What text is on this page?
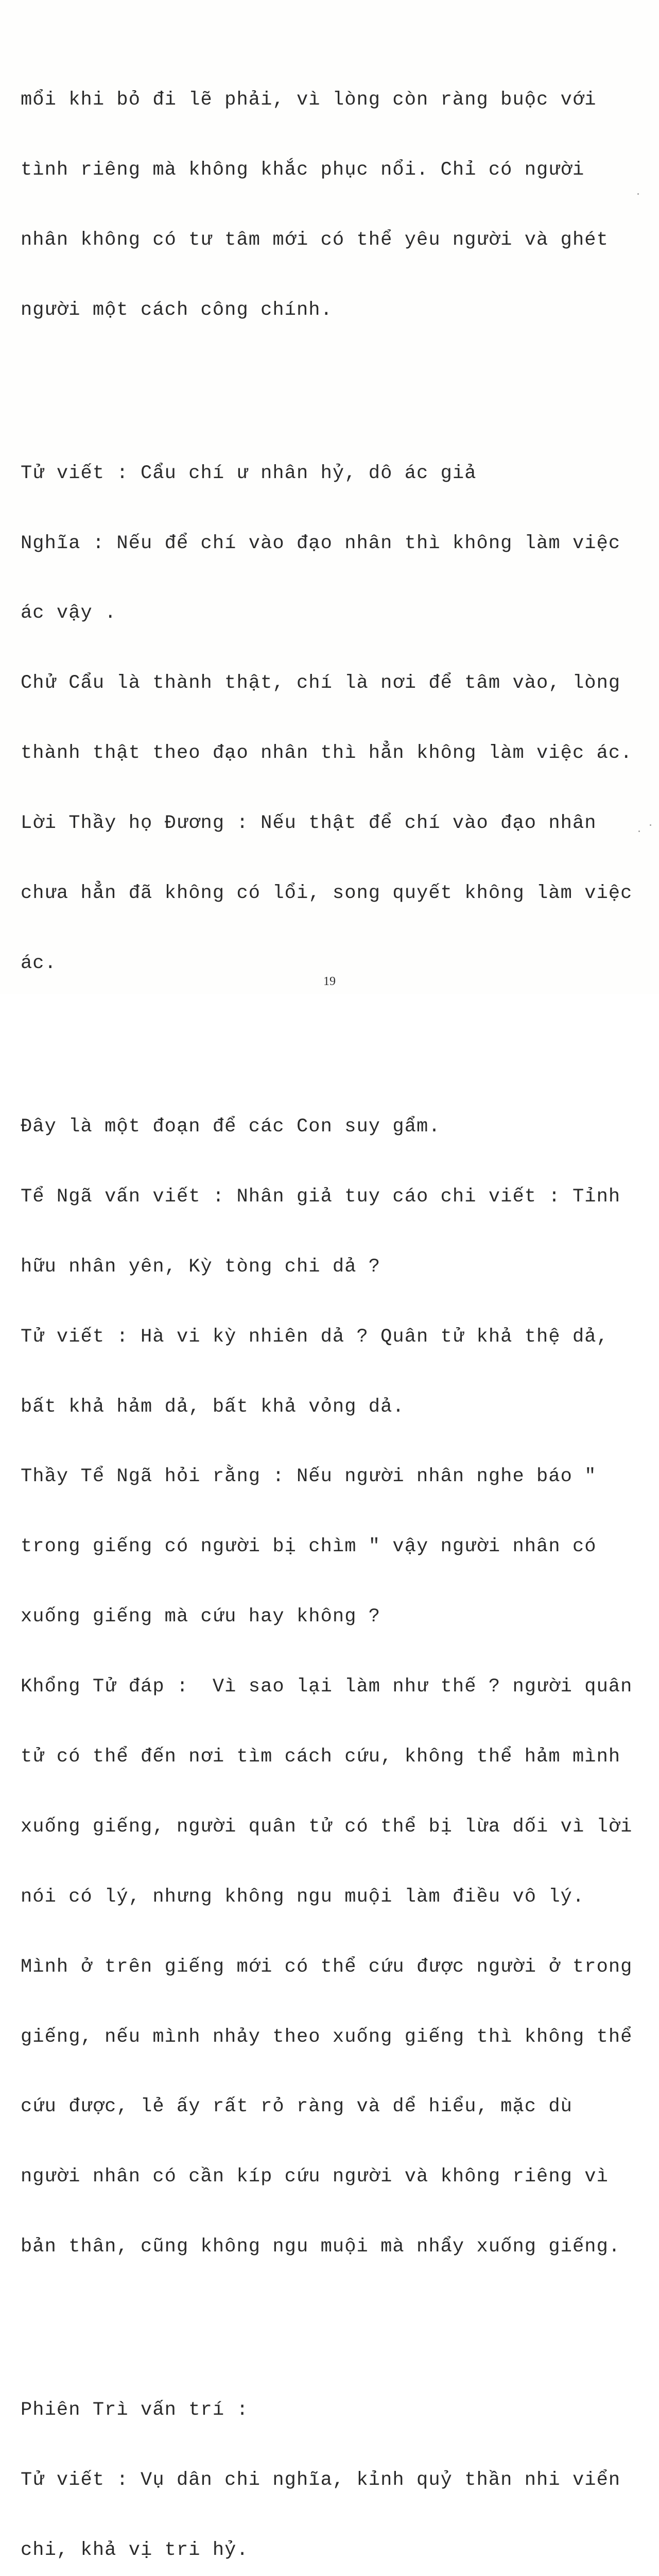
mổi khi bỏ đi lẽ phải, vì lòng còn ràng buộc với

tình riêng mà không khắc phục nổi. Chỉ có người

nhân không có tư tâm mới có thể yêu người và ghét

người một cách công chính.

Tử viết : Cẩu chí ư nhân hỷ, dô ác giả

Nghĩa : Nếu để chí vào đạo nhân thì không làm việc

ác vậy .

Chử Cẩu là thành thật, chí là nơi để tâm vào, lòng

thành thật theo đạo nhân thì hẳn không làm việc ác.

Lời Thầy họ Đương : Nếu thật để chí vào đạo nhân

chưa hẳn đã không có lổi, song quyết không làm việc

ác.

Đây là một đoạn để các Con suy gẩm.

Tể Ngã vấn viết : Nhân giả tuy cáo chi viết : Tỉnh

hữu nhân yên, Kỳ tòng chi dả ?

Tử viết : Hà vi kỳ nhiên dả ? Quân tử khả thệ dả,

bất khả hảm dả, bất khả vỏng dả.

Thầy Tể Ngã hỏi rằng : Nếu người nhân nghe báo "

trong giếng có người bị chìm " vậy người nhân có

xuống giếng mà cứu hay không ?

Khổng Tử đáp :  Vì sao lại làm như thế ? người quân

tử có thể đến nơi tìm cách cứu, không thể hảm mình

xuống giếng, người quân tử có thể bị lừa dối vì lời

nói có lý, nhưng không ngu muội làm điều vô lý.

Mình ở trên giếng mới có thể cứu được người ở trong

giếng, nếu mình nhảy theo xuống giếng thì không thể

cứu được, lẻ ấy rất rỏ ràng và dể hiểu, mặc dù

người nhân có cần kíp cứu người và không riêng vì

bản thân, cũng không ngu muội mà nhẩy xuống giếng.

Phiên Trì vấn trí :

Tử viết : Vụ dân chi nghĩa, kỉnh quỷ thần nhi viển

chi, khả vị tri hỷ.

19
